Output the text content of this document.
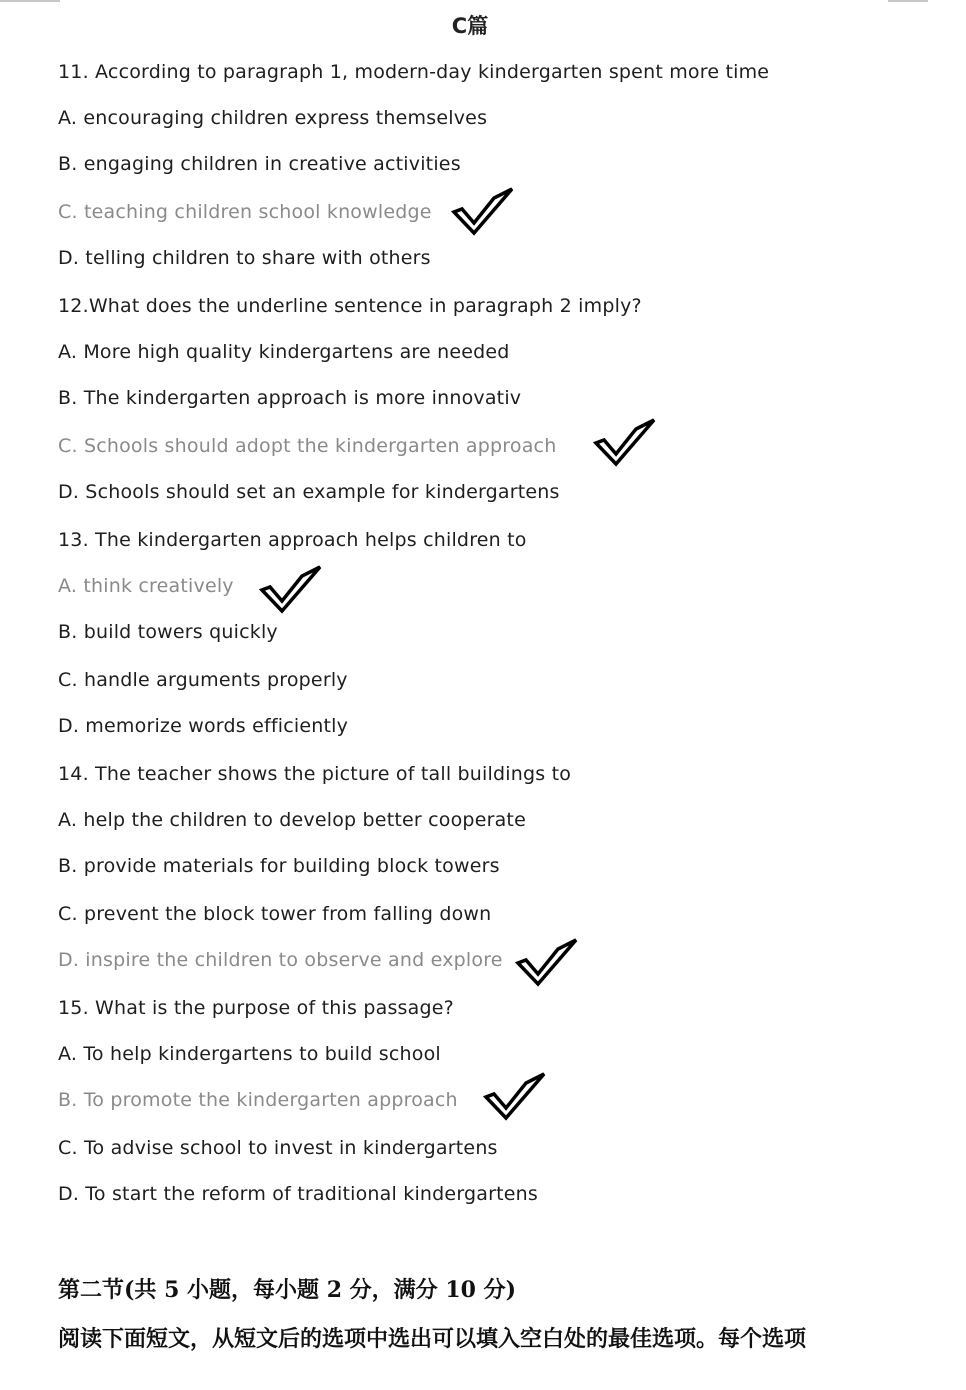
C篇
11. According to paragraph 1, modern-day kindergarten spent more time
A. encouraging children express themselves
B. engaging children in creative activities
C. teaching children school knowledge
D. telling children to share with others
12.What does the underline sentence in paragraph 2 imply?
A. More high quality kindergartens are needed
B. The kindergarten approach is more innovativ
C. Schools should adopt the kindergarten approach
D. Schools should set an example for kindergartens
13. The kindergarten approach helps children to
A. think creatively
B. build towers quickly
C. handle arguments properly
D. memorize words efficiently
14. The teacher shows the picture of tall buildings to
A. help the children to develop better cooperate
B. provide materials for building block towers
C. prevent the block tower from falling down
D. inspire the children to observe and explore
15. What is the purpose of this passage?
A. To help kindergartens to build school
B. To promote the kindergarten approach
C. To advise school to invest in kindergartens
D. To start the reform of traditional kindergartens
第二节(共 5 小题，每小题 2 分，满分 10 分)
阅读下面短文，从短文后的选项中选出可以填入空白处的最佳选项。每个选项
